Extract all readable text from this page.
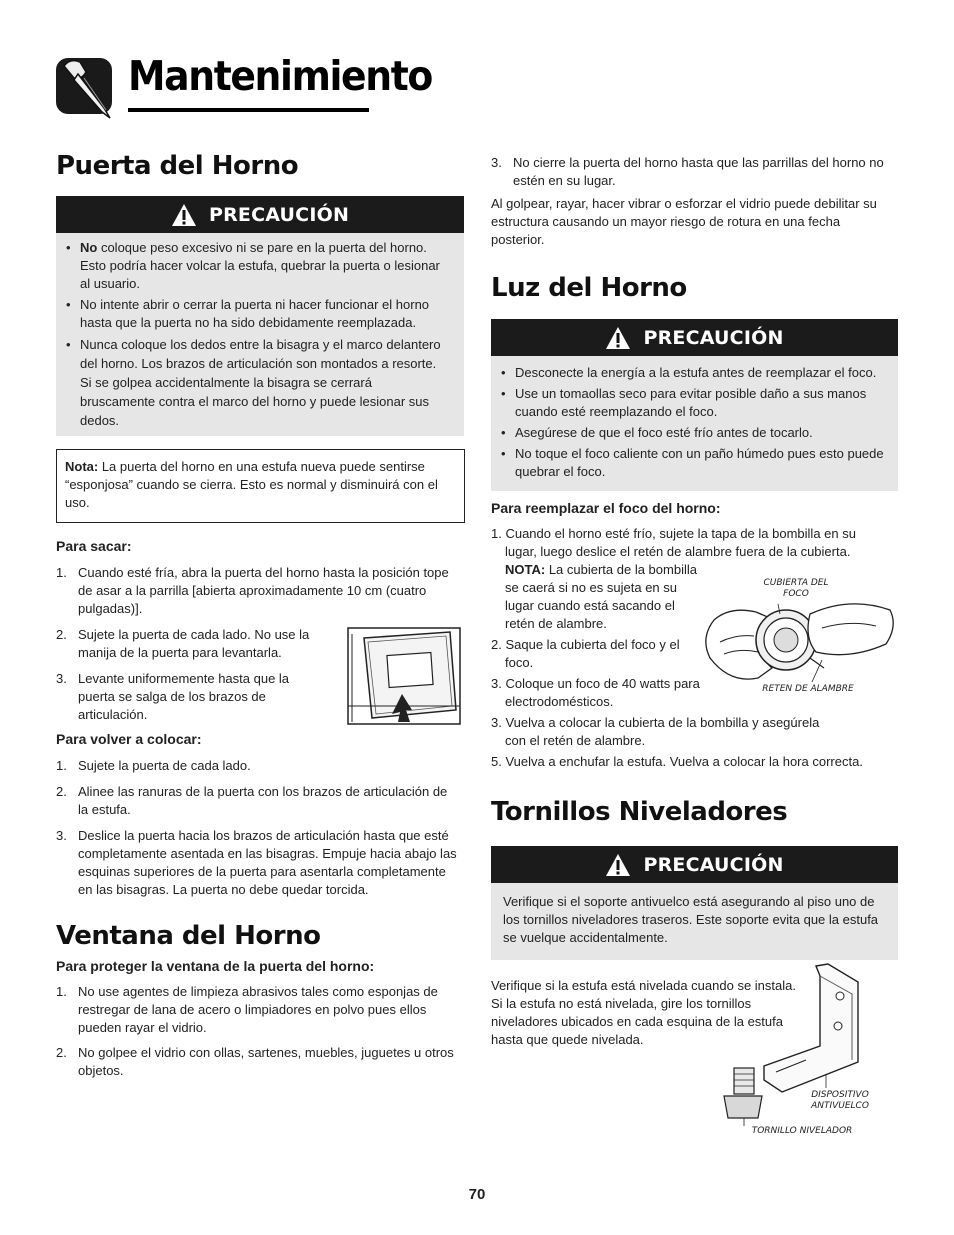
Mantenimiento
Puerta del Horno
PRECAUCIÓN
• No coloque peso excesivo ni se pare en la puerta del horno. Esto podría hacer volcar la estufa, quebrar la puerta o lesionar al usuario.
• No intente abrir o cerrar la puerta ni hacer funcionar el horno hasta que la puerta no ha sido debidamente reemplazada.
• Nunca coloque los dedos entre la bisagra y el marco delantero del horno. Los brazos de articulación son montados a resorte. Si se golpea accidentalmente la bisagra se cerrará bruscamente contra el marco del horno y puede lesionar sus dedos.
Nota: La puerta del horno en una estufa nueva puede sentirse “esponjosa” cuando se cierra. Esto es normal y disminuirá con el uso.
Para sacar:
1. Cuando esté fría, abra la puerta del horno hasta la posición tope de asar a la parrilla [abierta aproximadamente 10 cm (cuatro pulgadas)].
2. Sujete la puerta de cada lado. No use la manija de la puerta para levantarla.
3. Levante uniformemente hasta que la puerta se salga de los brazos de articulación.
Para volver a colocar:
1. Sujete la puerta de cada lado.
2. Alinee las ranuras de la puerta con los brazos de articulación de la estufa.
3. Deslice la puerta hacia los brazos de articulación hasta que esté completamente asentada en las bisagras. Empuje hacia abajo las esquinas superiores de la puerta para asentarla completamente en las bisagras. La puerta no debe quedar torcida.
Ventana del Horno
Para proteger la ventana de la puerta del horno:
1. No use agentes de limpieza abrasivos tales como esponjas de restregar de lana de acero o limpiadores en polvo pues ellos pueden rayar el vidrio.
2. No golpee el vidrio con ollas, sartenes, muebles, juguetes u otros objetos.
3. No cierre la puerta del horno hasta que las parrillas del horno no estén en su lugar.

Al golpear, rayar, hacer vibrar o esforzar el vidrio puede debilitar su estructura causando un mayor riesgo de rotura en una fecha posterior.

Luz del Horno
PRECAUCIÓN
• Desconecte la energía a la estufa antes de reemplazar el foco.
• Use un tomaollas seco para evitar posible daño a sus manos cuando esté reemplazando el foco.
• Asegúrese de que el foco esté frío antes de tocarlo.
• No toque el foco caliente con un paño húmedo pues esto puede quebrar el foco.
Para reemplazar el foco del horno:

1. Cuando el horno esté frío, sujete la tapa de la bombilla en su lugar, luego deslice el retén de alambre fuera de la cubierta.

NOTA: La cubierta de la bombilla se caerá si no es sujeta en su lugar cuando está sacando el retén de alambre.

2. Saque la cubierta del foco y el foco.

3. Coloque un foco de 40 watts para electrodomésticos.

3. Vuelva a colocar la cubierta de la bombilla y asegúrela con el retén de alambre.

5. Vuelva a enchufar la estufa. Vuelva a colocar la hora correcta.

CUBIERTA DEL FOCO
RETEN DE ALAMBRE
Tornillos Niveladores
PRECAUCIÓN

Verifique si el soporte antivuelco está asegurando al piso uno de los tornillos niveladores traseros. Este soporte evita que la estufa se vuelque accidentalmente.

Verifique si la estufa está nivelada cuando se instala. Si la estufa no está nivelada, gire los tornillos niveladores ubicados en cada esquina de la estufa hasta que quede nivelada.

DISPOSITIVO ANTIVUELCO
TORNILLO NIVELADOR
70
